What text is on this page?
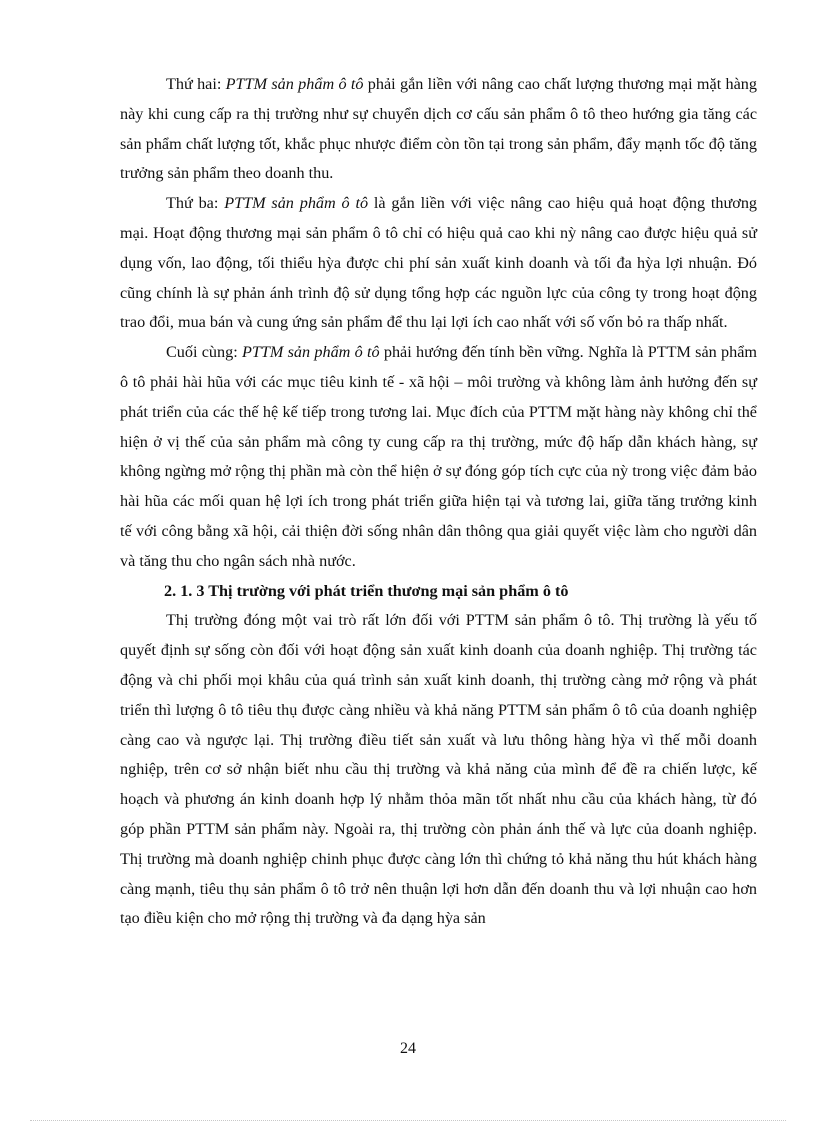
Thứ hai: PTTM sản phẩm ô tô phải gắn liền với nâng cao chất lượng thương mại mặt hàng này khi cung cấp ra thị trường như sự chuyển dịch cơ cấu sản phẩm ô tô theo hướng gia tăng các sản phẩm chất lượng tốt, khắc phục nhược điểm còn tồn tại trong sản phẩm, đẩy mạnh tốc độ tăng trưởng sản phẩm theo doanh thu.

Thứ ba: PTTM sản phẩm ô tô là gắn liền với việc nâng cao hiệu quả hoạt động thương mại. Hoạt động thương mại sản phẩm ô tô chỉ có hiệu quả cao khi nỳ nâng cao được hiệu quả sử dụng vốn, lao động, tối thiểu hỳa được chi phí sản xuất kinh doanh và tối đa hỳa lợi nhuận. Đó cũng chính là sự phản ánh trình độ sử dụng tổng hợp các nguồn lực của công ty trong hoạt động trao đổi, mua bán và cung ứng sản phẩm để thu lại lợi ích cao nhất với số vốn bỏ ra thấp nhất.

Cuối cùng: PTTM sản phẩm ô tô phải hướng đến tính bền vững. Nghĩa là PTTM sản phẩm ô tô phải hài hũa với các mục tiêu kinh tế - xã hội – môi trường và không làm ảnh hưởng đến sự phát triển của các thế hệ kế tiếp trong tương lai. Mục đích của PTTM mặt hàng này không chỉ thể hiện ở vị thế của sản phẩm mà công ty cung cấp ra thị trường, mức độ hấp dẫn khách hàng, sự không ngừng mở rộng thị phần mà còn thể hiện ở sự đóng góp tích cực của nỳ trong việc đảm bảo hài hũa các mối quan hệ lợi ích trong phát triển giữa hiện tại và tương lai, giữa tăng trưởng kinh tế với công bằng xã hội, cải thiện đời sống nhân dân thông qua giải quyết việc làm cho người dân và tăng thu cho ngân sách nhà nước.

2. 1. 3 Thị trường với phát triển thương mại sản phẩm ô tô

Thị trường đóng một vai trò rất lớn đối với PTTM sản phẩm ô tô. Thị trường là yếu tố quyết định sự sống còn đối với hoạt động sản xuất kinh doanh của doanh nghiệp. Thị trường tác động và chi phối mọi khâu của quá trình sản xuất kinh doanh, thị trường càng mở rộng và phát triển thì lượng ô tô tiêu thụ được càng nhiều và khả năng PTTM sản phẩm ô tô của doanh nghiệp càng cao và ngược lại. Thị trường điều tiết sản xuất và lưu thông hàng hỳa vì thế mỗi doanh nghiệp, trên cơ sở nhận biết nhu cầu thị trường và khả năng của mình để đề ra chiến lược, kế hoạch và phương án kinh doanh hợp lý nhằm thỏa mãn tốt nhất nhu cầu của khách hàng, từ đó góp phần PTTM sản phẩm này. Ngoài ra, thị trường còn phản ánh thế và lực của doanh nghiệp. Thị trường mà doanh nghiệp chinh phục được càng lớn thì chứng tỏ khả năng thu hút khách hàng càng mạnh, tiêu thụ sản phẩm ô tô trở nên thuận lợi hơn dẫn đến doanh thu và lợi nhuận cao hơn tạo điều kiện cho mở rộng thị trường và đa dạng hỳa sản

24
